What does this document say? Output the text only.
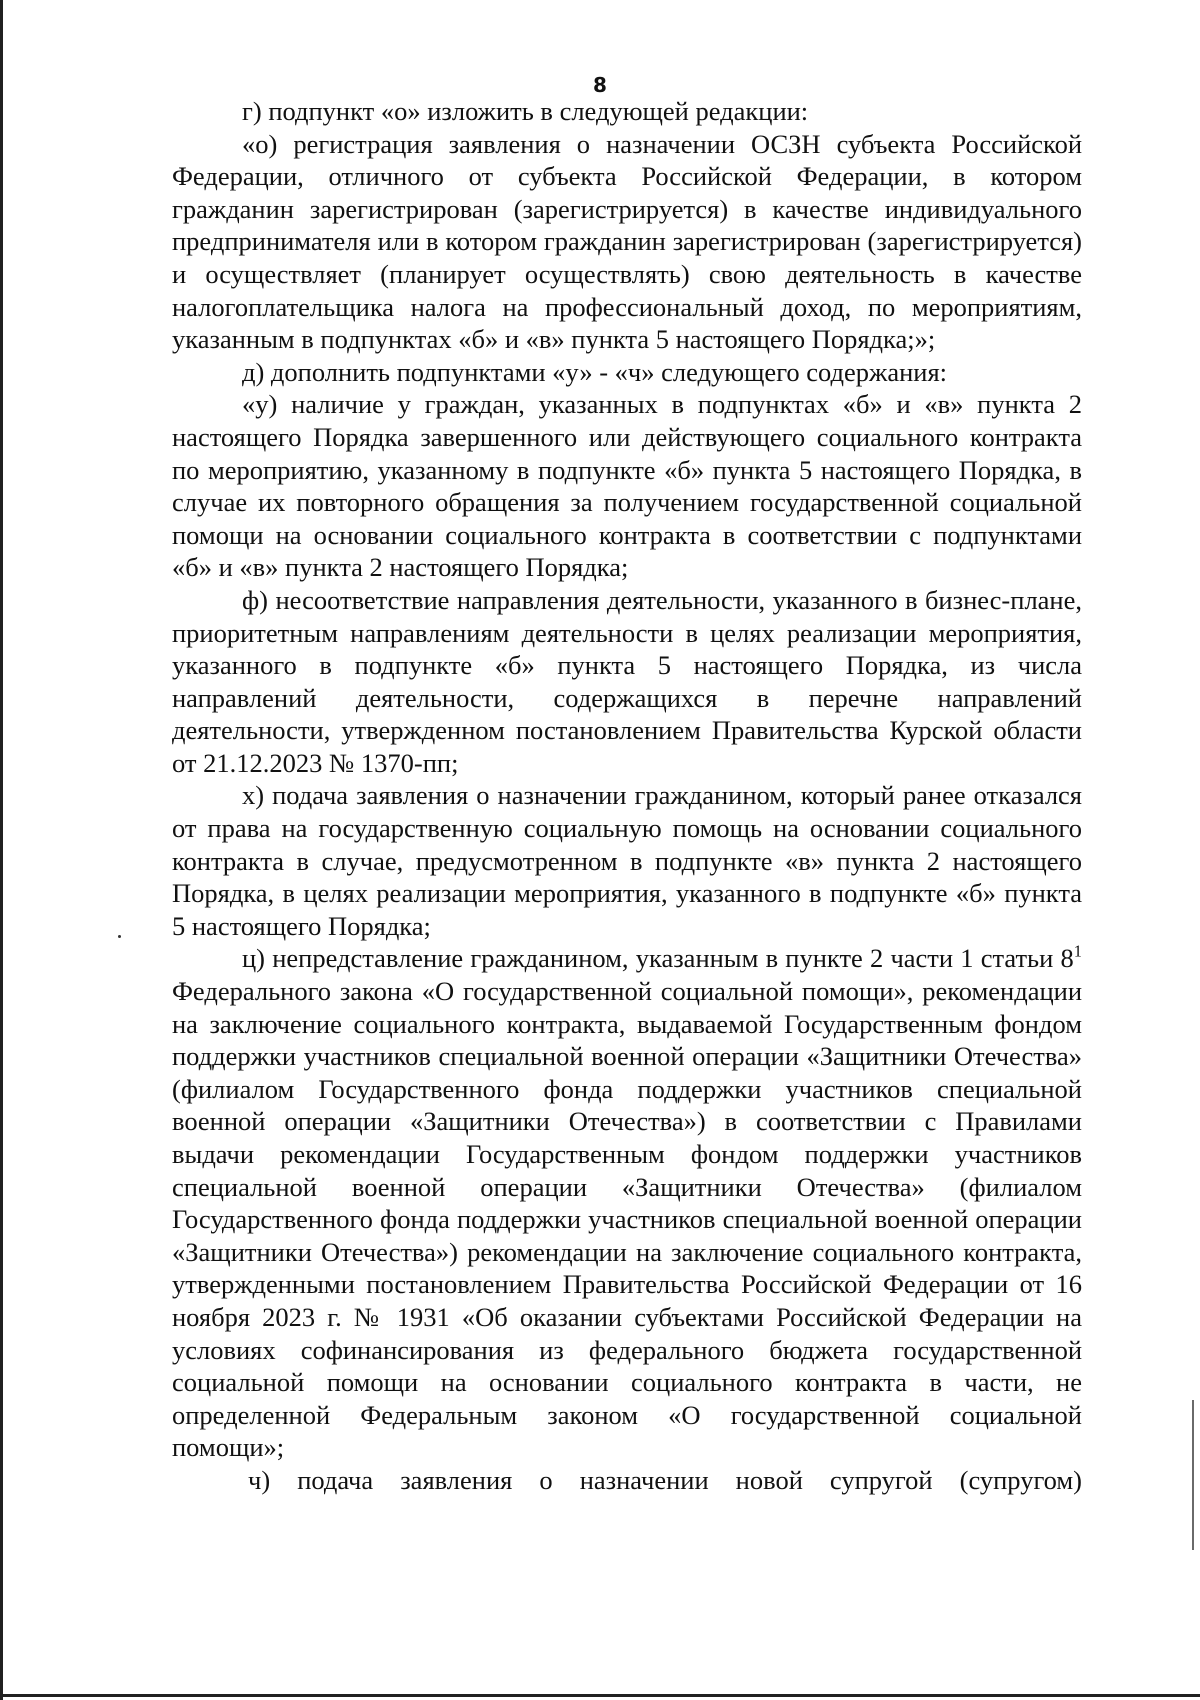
8

г) подпункт «о» изложить в следующей редакции:

«о) регистрация заявления о назначении ОСЗН субъекта Российской Федерации, отличного от субъекта Российской Федерации, в котором гражданин зарегистрирован (зарегистрируется) в качестве индивидуального предпринимателя или в котором гражданин зарегистрирован (зарегистрируется) и осуществляет (планирует осуществлять) свою деятельность в качестве налогоплательщика налога на профессиональный доход, по мероприятиям, указанным в подпунктах «б» и «в» пункта 5 настоящего Порядка;»;

д) дополнить подпунктами «у» - «ч» следующего содержания:

«у) наличие у граждан, указанных в подпунктах «б» и «в» пункта 2 настоящего Порядка завершенного или действующего социального контракта по мероприятию, указанному в подпункте «б» пункта 5 настоящего Порядка, в случае их повторного обращения за получением государственной социальной помощи на основании социального контракта в соответствии с подпунктами «б» и «в» пункта 2 настоящего Порядка;

ф) несоответствие направления деятельности, указанного в бизнес-плане, приоритетным направлениям деятельности в целях реализации мероприятия, указанного в подпункте «б» пункта 5 настоящего Порядка, из числа направлений деятельности, содержащихся в перечне направлений деятельности, утвержденном постановлением Правительства Курской области от 21.12.2023 № 1370-пп;

х) подача заявления о назначении гражданином, который ранее отказался от права на государственную социальную помощь на основании социального контракта в случае, предусмотренном в подпункте «в» пункта 2 настоящего Порядка, в целях реализации мероприятия, указанного в подпункте «б» пункта 5 настоящего Порядка;

ц) непредставление гражданином, указанным в пункте 2 части 1 статьи $8^1$ Федерального закона «О государственной социальной помощи», рекомендации на заключение социального контракта, выдаваемой Государственным фондом поддержки участников специальной военной операции «Защитники Отечества» (филиалом Государственного фонда поддержки участников специальной военной операции «Защитники Отечества») в соответствии с Правилами выдачи рекомендации Государственным фондом поддержки участников специальной военной операции «Защитники Отечества» (филиалом Государственного фонда поддержки участников специальной военной операции «Защитники Отечества») рекомендации на заключение социального контракта, утвержденными постановлением Правительства Российской Федерации от 16 ноября 2023 г. № 1931 «Об оказании субъектами Российской Федерации на условиях софинансирования из федерального бюджета государственной социальной помощи на основании социального контракта в части, не определенной Федеральным законом «О государственной социальной помощи»;

ч) подача заявления о назначении новой супругой (супругом)
